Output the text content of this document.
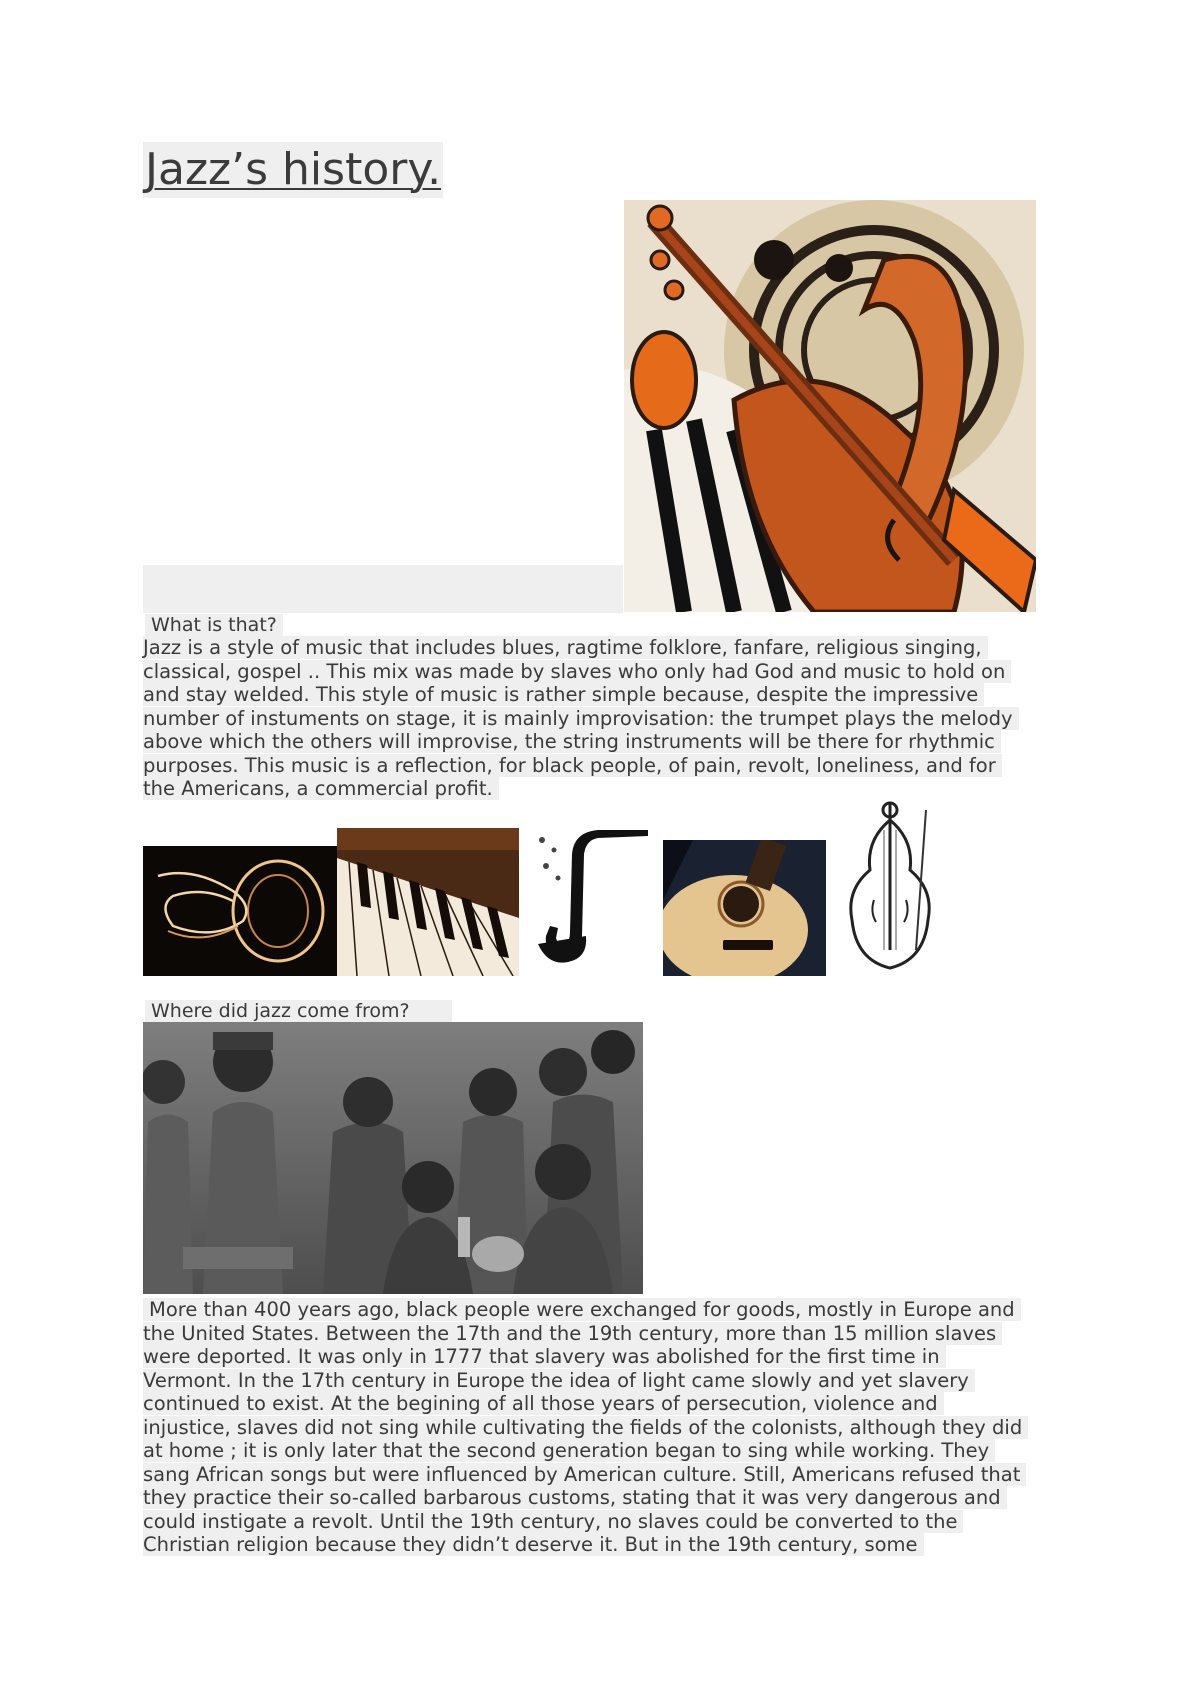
Jazz’s history.
What is that?
Jazz is a style of music that includes blues, ragtime folklore, fanfare, religious singing,
classical, gospel .. This mix was made by slaves who only had God and music to hold on
and stay welded. This style of music is rather simple because, despite the impressive
number of instuments on stage, it is mainly improvisation: the trumpet plays the melody
above which the others will improvise, the string instruments will be there for rhythmic
purposes. This music is a reflection, for black people, of pain, revolt, loneliness, and for
the Americans, a commercial profit.
Where did jazz come from?
More than 400 years ago, black people were exchanged for goods, mostly in Europe and
the United States. Between the 17th and the 19th century, more than 15 million slaves
were deported. It was only in 1777 that slavery was abolished for the first time in
Vermont. In the 17th century in Europe the idea of light came slowly and yet slavery
continued to exist. At the begining of all those years of persecution, violence and
injustice, slaves did not sing while cultivating the fields of the colonists, although they did
at home ; it is only later that the second generation began to sing while working. They
sang African songs but were influenced by American culture. Still, Americans refused that
they practice their so-called barbarous customs, stating that it was very dangerous and
could instigate a revolt. Until the 19th century, no slaves could be converted to the
Christian religion because they didn’t deserve it. But in the 19th century, some
